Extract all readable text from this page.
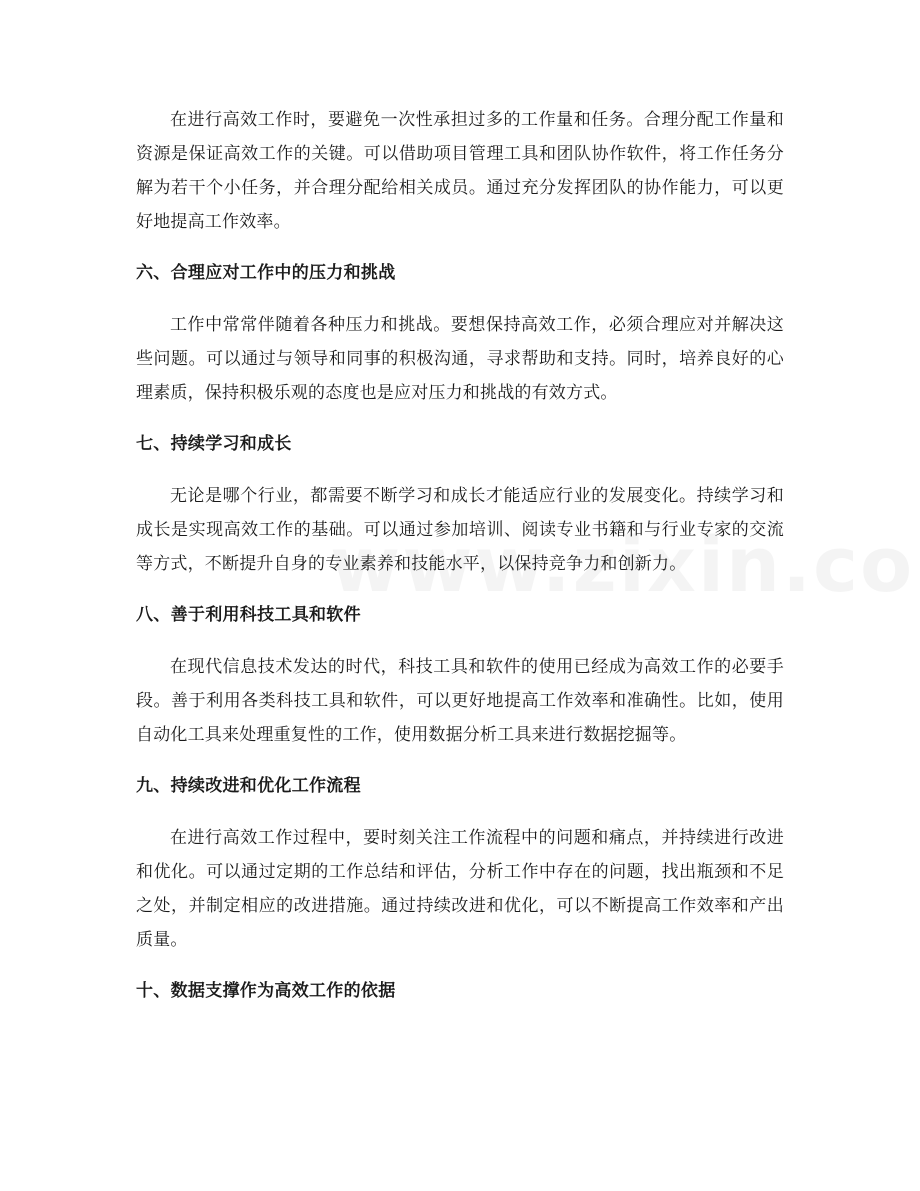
在进行高效工作时，要避免一次性承担过多的工作量和任务。合理分配工作量和资源是保证高效工作的关键。可以借助项目管理工具和团队协作软件，将工作任务分解为若干个小任务，并合理分配给相关成员。通过充分发挥团队的协作能力，可以更好地提高工作效率。

六、合理应对工作中的压力和挑战

工作中常常伴随着各种压力和挑战。要想保持高效工作，必须合理应对并解决这些问题。可以通过与领导和同事的积极沟通，寻求帮助和支持。同时，培养良好的心理素质，保持积极乐观的态度也是应对压力和挑战的有效方式。

七、持续学习和成长

无论是哪个行业，都需要不断学习和成长才能适应行业的发展变化。持续学习和成长是实现高效工作的基础。可以通过参加培训、阅读专业书籍和与行业专家的交流等方式，不断提升自身的专业素养和技能水平，以保持竞争力和创新力。

八、善于利用科技工具和软件

在现代信息技术发达的时代，科技工具和软件的使用已经成为高效工作的必要手段。善于利用各类科技工具和软件，可以更好地提高工作效率和准确性。比如，使用自动化工具来处理重复性的工作，使用数据分析工具来进行数据挖掘等。

九、持续改进和优化工作流程

在进行高效工作过程中，要时刻关注工作流程中的问题和痛点，并持续进行改进和优化。可以通过定期的工作总结和评估，分析工作中存在的问题，找出瓶颈和不足之处，并制定相应的改进措施。通过持续改进和优化，可以不断提高工作效率和产出质量。

十、数据支撑作为高效工作的依据
